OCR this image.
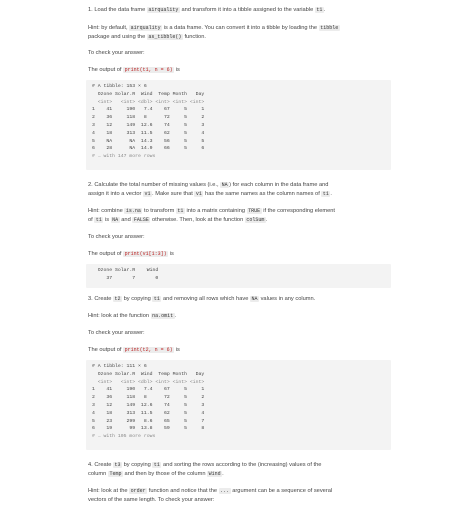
1. Load the data frame airquality and transform it into a tibble assigned to the variable t1 .
Hint: by default, airquality is a data frame. You can convert it into a tibble by loading the tibble
package and using the as_tibble() function.
To check your answer:
The output of print(t1, n = 6) is
# A tibble: 153 × 6
Ozone Solar.R  Wind  Temp Month   Day
<int>   <int> <dbl> <int> <int> <int>
1    41     190   7.4    67     5     1
2    36     118   8      72     5     2
3    12     149  12.6    74     5     3
4    18     313  11.5    62     5     4
5    NA      NA  14.3    56     5     5
6    28      NA  14.9    66     5     6
# … with 147 more rows
2. Calculate the total number of missing values (i.e., NA ) for each column in the data frame and
assign it into a vector v1 . Make sure that v1 has the same names as the column names of t1 .
Hint: combine is.na to transform t1 into a matrix containing TRUE if the corresponding element
of t1 is NA and FALSE otherwise. Then, look at the function colSum .
To check your answer:
The output of print(v1[1:3]) is
Ozone Solar.R    Wind
37       7       0
3. Create t2 by copying t1 and removing all rows which have NA values in any column.
Hint: look at the function na.omit .
To check your answer:
The output of print(t2, n = 6) is
# A tibble: 111 × 6
Ozone Solar.R  Wind  Temp Month   Day
<int>   <int> <dbl> <int> <int> <int>
1    41     190   7.4    67     5     1
2    36     118   8      72     5     2
3    12     149  12.6    74     5     3
4    18     313  11.5    62     5     4
5    23     299   8.6    65     5     7
6    19      99  13.8    59     5     8
# … with 105 more rows
4. Create t3 by copying t1 and sorting the rows according to the (increasing) values of the
column Temp and then by those of the column Wind .
Hint: look at the order function and notice that the ... argument can be a sequence of several
vectors of the same length. To check your answer:
